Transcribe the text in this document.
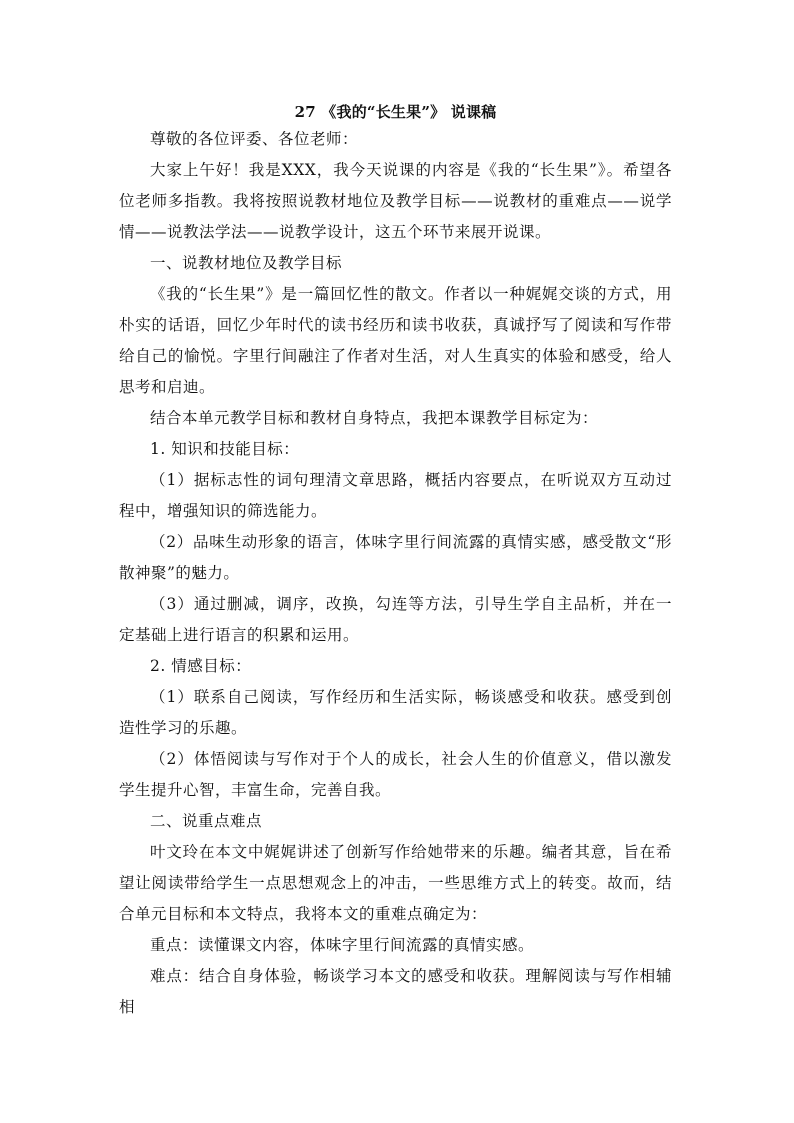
27 《我的“长生果”》 说课稿

尊敬的各位评委、各位老师：

大家上午好！我是XXX，我今天说课的内容是《我的“长生果”》。希望各位老师多指教。我将按照说教材地位及教学目标——说教材的重难点——说学情——说教法学法——说教学设计，这五个环节来展开说课。

一、说教材地位及教学目标

《我的“长生果”》是一篇回忆性的散文。作者以一种娓娓交谈的方式，用朴实的话语，回忆少年时代的读书经历和读书收获，真诚抒写了阅读和写作带给自己的愉悦。字里行间融注了作者对生活，对人生真实的体验和感受，给人思考和启迪。

结合本单元教学目标和教材自身特点，我把本课教学目标定为：

1. 知识和技能目标：

（1）据标志性的词句理清文章思路，概括内容要点，在听说双方互动过程中，增强知识的筛选能力。

（2）品味生动形象的语言，体味字里行间流露的真情实感，感受散文“形散神聚”的魅力。

（3）通过删减，调序，改换，勾连等方法，引导生学自主品析，并在一定基础上进行语言的积累和运用。

2. 情感目标：

（1）联系自己阅读，写作经历和生活实际，畅谈感受和收获。感受到创造性学习的乐趣。

（2）体悟阅读与写作对于个人的成长，社会人生的价值意义，借以激发学生提升心智，丰富生命，完善自我。

二、说重点难点

叶文玲在本文中娓娓讲述了创新写作给她带来的乐趣。编者其意，旨在希望让阅读带给学生一点思想观念上的冲击，一些思维方式上的转变。故而，结合单元目标和本文特点，我将本文的重难点确定为：

重点：读懂课文内容，体味字里行间流露的真情实感。

难点：结合自身体验，畅谈学习本文的感受和收获。理解阅读与写作相辅相
